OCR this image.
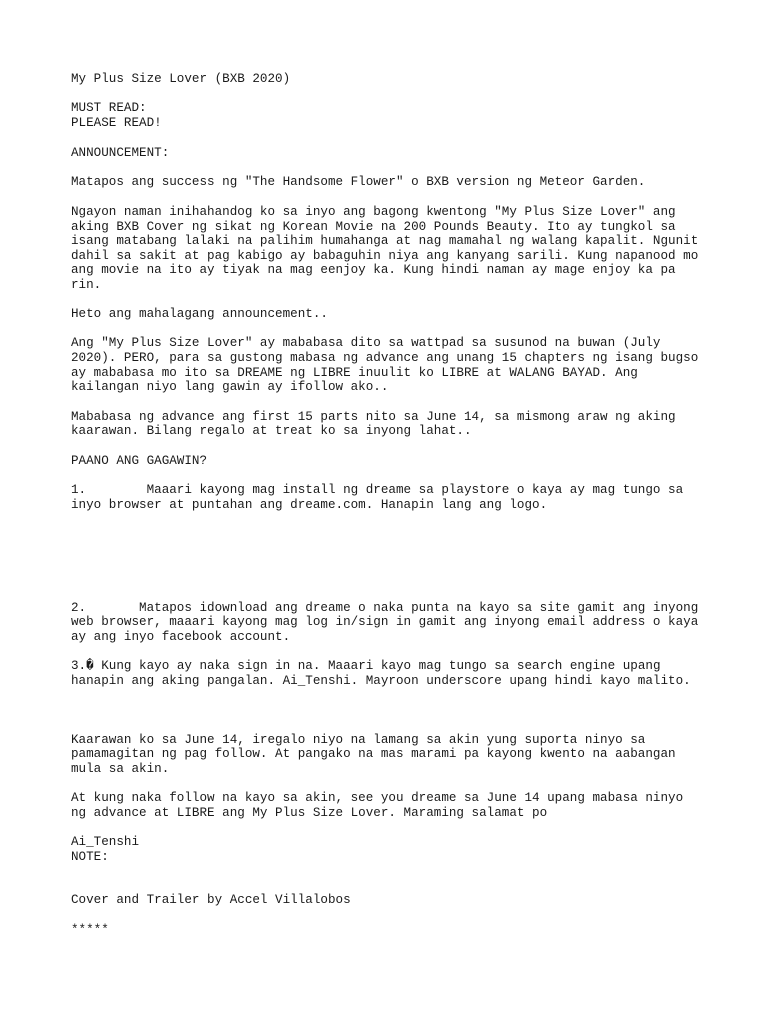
My Plus Size Lover (BXB 2020)

MUST READ:

PLEASE READ!

ANNOUNCEMENT:

Matapos ang success ng "The Handsome Flower" o BXB version ng Meteor Garden.

Ngayon naman inihahandog ko sa inyo ang bagong kwentong "My Plus Size Lover" ang

aking BXB Cover ng sikat ng Korean Movie na 200 Pounds Beauty. Ito ay tungkol sa

isang matabang lalaki na palihim humahanga at nag mamahal ng walang kapalit. Ngunit

dahil sa sakit at pag kabigo ay babaguhin niya ang kanyang sarili. Kung napanood mo

ang movie na ito ay tiyak na mag eenjoy ka. Kung hindi naman ay mage enjoy ka pa

rin.

Heto ang mahalagang announcement..

Ang "My Plus Size Lover" ay mababasa dito sa wattpad sa susunod na buwan (July

2020). PERO, para sa gustong mabasa ng advance ang unang 15 chapters ng isang bugso

ay mababasa mo ito sa DREAME ng LIBRE inuulit ko LIBRE at WALANG BAYAD. Ang

kailangan niyo lang gawin ay ifollow ako..

Mababasa ng advance ang first 15 parts nito sa June 14, sa mismong araw ng aking

kaarawan. Bilang regalo at treat ko sa inyong lahat..

PAANO ANG GAGAWIN?

1.        Maaari kayong mag install ng dreame sa playstore o kaya ay mag tungo sa

inyo browser at puntahan ang dreame.com. Hanapin lang ang logo.

2.       Matapos idownload ang dreame o naka punta na kayo sa site gamit ang inyong

web browser, maaari kayong mag log in/sign in gamit ang inyong email address o kaya

ay ang inyo facebook account.

3.� Kung kayo ay naka sign in na. Maaari kayo mag tungo sa search engine upang

hanapin ang aking pangalan. Ai_Tenshi. Mayroon underscore upang hindi kayo malito.

Kaarawan ko sa June 14, iregalo niyo na lamang sa akin yung suporta ninyo sa

pamamagitan ng pag follow. At pangako na mas marami pa kayong kwento na aabangan

mula sa akin.

At kung naka follow na kayo sa akin, see you dreame sa June 14 upang mabasa ninyo

ng advance at LIBRE ang My Plus Size Lover. Maraming salamat po

Ai_Tenshi

NOTE:

Cover and Trailer by Accel Villalobos

*****
